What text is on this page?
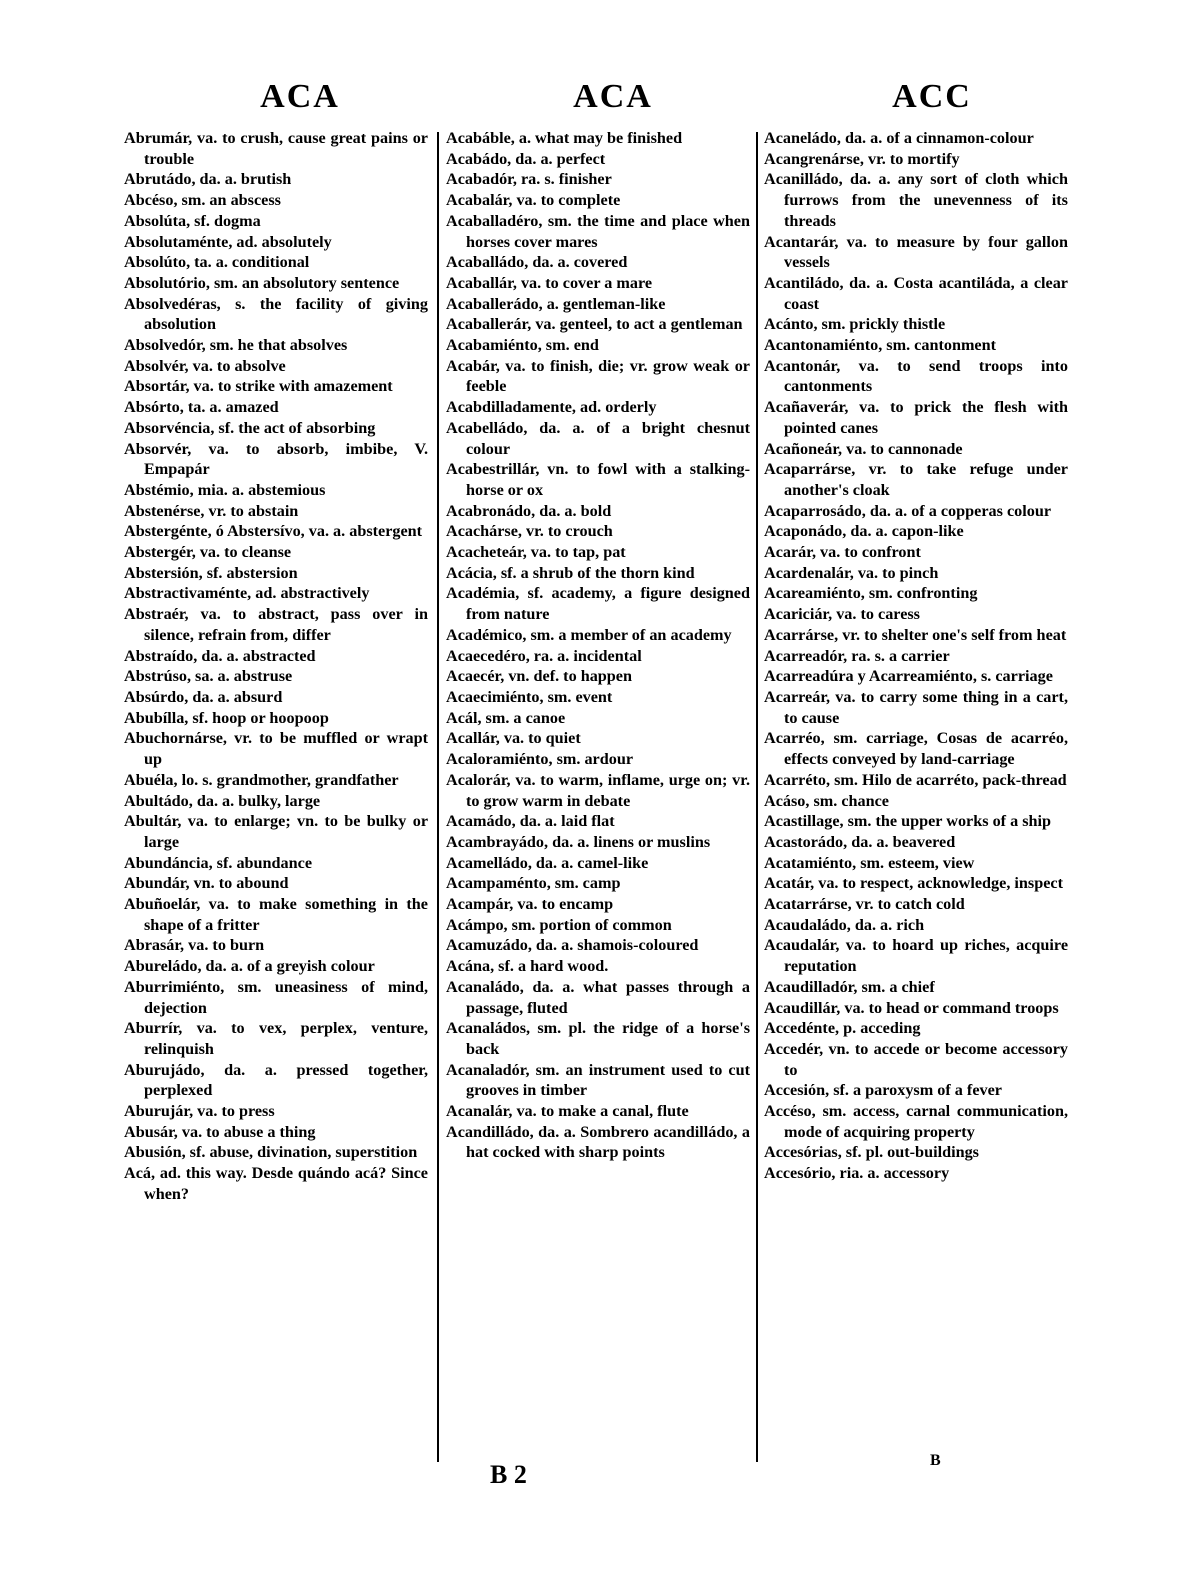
ACA	ACA	ACC

Abrumár, va. to crush, cause great pains or trouble

Abrutádo, da. a. brutish

Abcéso, sm. an abscess

Absolúta, sf. dogma

Absolutaménte, ad. absolutely

Absolúto, ta. a. conditional

Absolutório, sm. an absolutory sentence

Absolvedéras, s. the facility of giving absolution

Absolvedór, sm. he that absolves

Absolvér, va. to absolve

Absortár, va. to strike with amazement

Absórto, ta. a. amazed

Absorvéncia, sf. the act of absorbing

Absorvér, va. to absorb, imbibe, V. Empapár

Abstémio, mia. a. abstemious

Abstenérse, vr. to abstain

Abstergénte, ó Abstersívo, va. a. abstergent

Abstergér, va. to cleanse

Abstersión, sf. abstersion

Abstractivaménte, ad. abstractively

Abstraér, va. to abstract, pass over in silence, refrain from, differ

Abstraído, da. a. abstracted

Abstrúso, sa. a. abstruse

Absúrdo, da. a. absurd

Abubílla, sf. hoop or hoopoop

Abuchornárse, vr. to be muffled or wrapt up

Abuéla, lo. s. grandmother, grandfather

Abultádo, da. a. bulky, large

Abultár, va. to enlarge; vn. to be bulky or large

Abundáncia, sf. abundance

Abundár, vn. to abound

Abuñoelár, va. to make something in the shape of a fritter

Abrasár, va. to burn

Abureládo, da. a. of a greyish colour

Aburrimiénto, sm. uneasiness of mind, dejection

Aburrír, va. to vex, perplex, venture, relinquish

Aburujádo, da. a. pressed together, perplexed

Aburujár, va. to press

Abusár, va. to abuse a thing

Abusión, sf. abuse, divination, superstition

Acá, ad. this way. Desde quándo acá? Since when?

Acabáble, a. what may be finished

Acabádo, da. a. perfect

Acabadór, ra. s. finisher

Acabalár, va. to complete

Acaballadéro, sm. the time and place when horses cover mares

Acaballádo, da. a. covered

Acaballár, va. to cover a mare

Acaballerádo, a. gentleman-like

Acaballerár, va. genteel, to act a gentleman

Acabamiénto, sm. end

Acabár, va. to finish, die; vr. grow weak or feeble

Acabdilladamente, ad. orderly

Acabelládo, da. a. of a bright chesnut colour

Acabestrillár, vn. to fowl with a stalking-horse or ox

Acabronádo, da. a. bold

Acachárse, vr. to crouch

Acacheteár, va. to tap, pat

Acácia, sf. a shrub of the thorn kind

Académia, sf. academy, a figure designed from nature

Académico, sm. a member of an academy

Acaecedéro, ra. a. incidental

Acaecér, vn. def. to happen

Acaecimiénto, sm. event

Acál, sm. a canoe

Acallár, va. to quiet

Acaloramiénto, sm. ardour

Acalorár, va. to warm, inflame, urge on; vr. to grow warm in debate

Acamádo, da. a. laid flat

Acambrayádo, da. a. linens or muslins

Acamelládo, da. a. camel-like

Acampaménto, sm. camp

Acampár, va. to encamp

Acámpo, sm. portion of common

Acamuzádo, da. a. shamois-coloured

Acána, sf. a hard wood.

Acanaládo, da. a. what passes through a passage, fluted

Acanaládos, sm. pl. the ridge of a horse's back

Acanaladór, sm. an instrument used to cut grooves in timber

Acanalár, va. to make a canal, flute

Acandilládo, da. a. Sombrero acandilládo, a hat cocked with sharp points

Acaneládo, da. a. of a cinnamon-colour

Acangrenárse, vr. to mortify

Acanilládo, da. a. any sort of cloth which furrows from the unevenness of its threads

Acantarár, va. to measure by four gallon vessels

Acantiládo, da. a. Costa acantiláda, a clear coast

Acánto, sm. prickly thistle

Acantonamiénto, sm. cantonment

Acantonár, va. to send troops into cantonments

Acañaverár, va. to prick the flesh with pointed canes

Acañoneár, va. to cannonade

Acaparrárse, vr. to take refuge under another's cloak

Acaparrosádo, da. a. of a copperas colour

Acaponádo, da. a. capon-like

Acarár, va. to confront

Acardenalár, va. to pinch

Acareamiénto, sm. confronting

Acariciár, va. to caress

Acarrárse, vr. to shelter one's self from heat

Acarreadór, ra. s. a carrier

Acarreadúra y Acarreamiénto, s. carriage

Acarreár, va. to carry some thing in a cart, to cause

Acarréo, sm. carriage, Cosas de acarréo, effects conveyed by land-carriage

Acarréto, sm. Hilo de acarréto, pack-thread

Acáso, sm. chance

Acastillage, sm. the upper works of a ship

Acastorádo, da. a. beavered

Acatamiénto, sm. esteem, view

Acatár, va. to respect, acknowledge, inspect

Acatarrárse, vr. to catch cold

Acaudaládo, da. a. rich

Acaudalár, va. to hoard up riches, acquire reputation

Acaudilladór, sm. a chief

Acaudillár, va. to head or command troops

Accedénte, p. acceding

Accedér, vn. to accede or become accessory to

Accesión, sf. a paroxysm of a fever

Accéso, sm. access, carnal communication, mode of acquiring property

Accesórias, sf. pl. out-buildings

Accesório, ria. a. accessory

B 2	B
